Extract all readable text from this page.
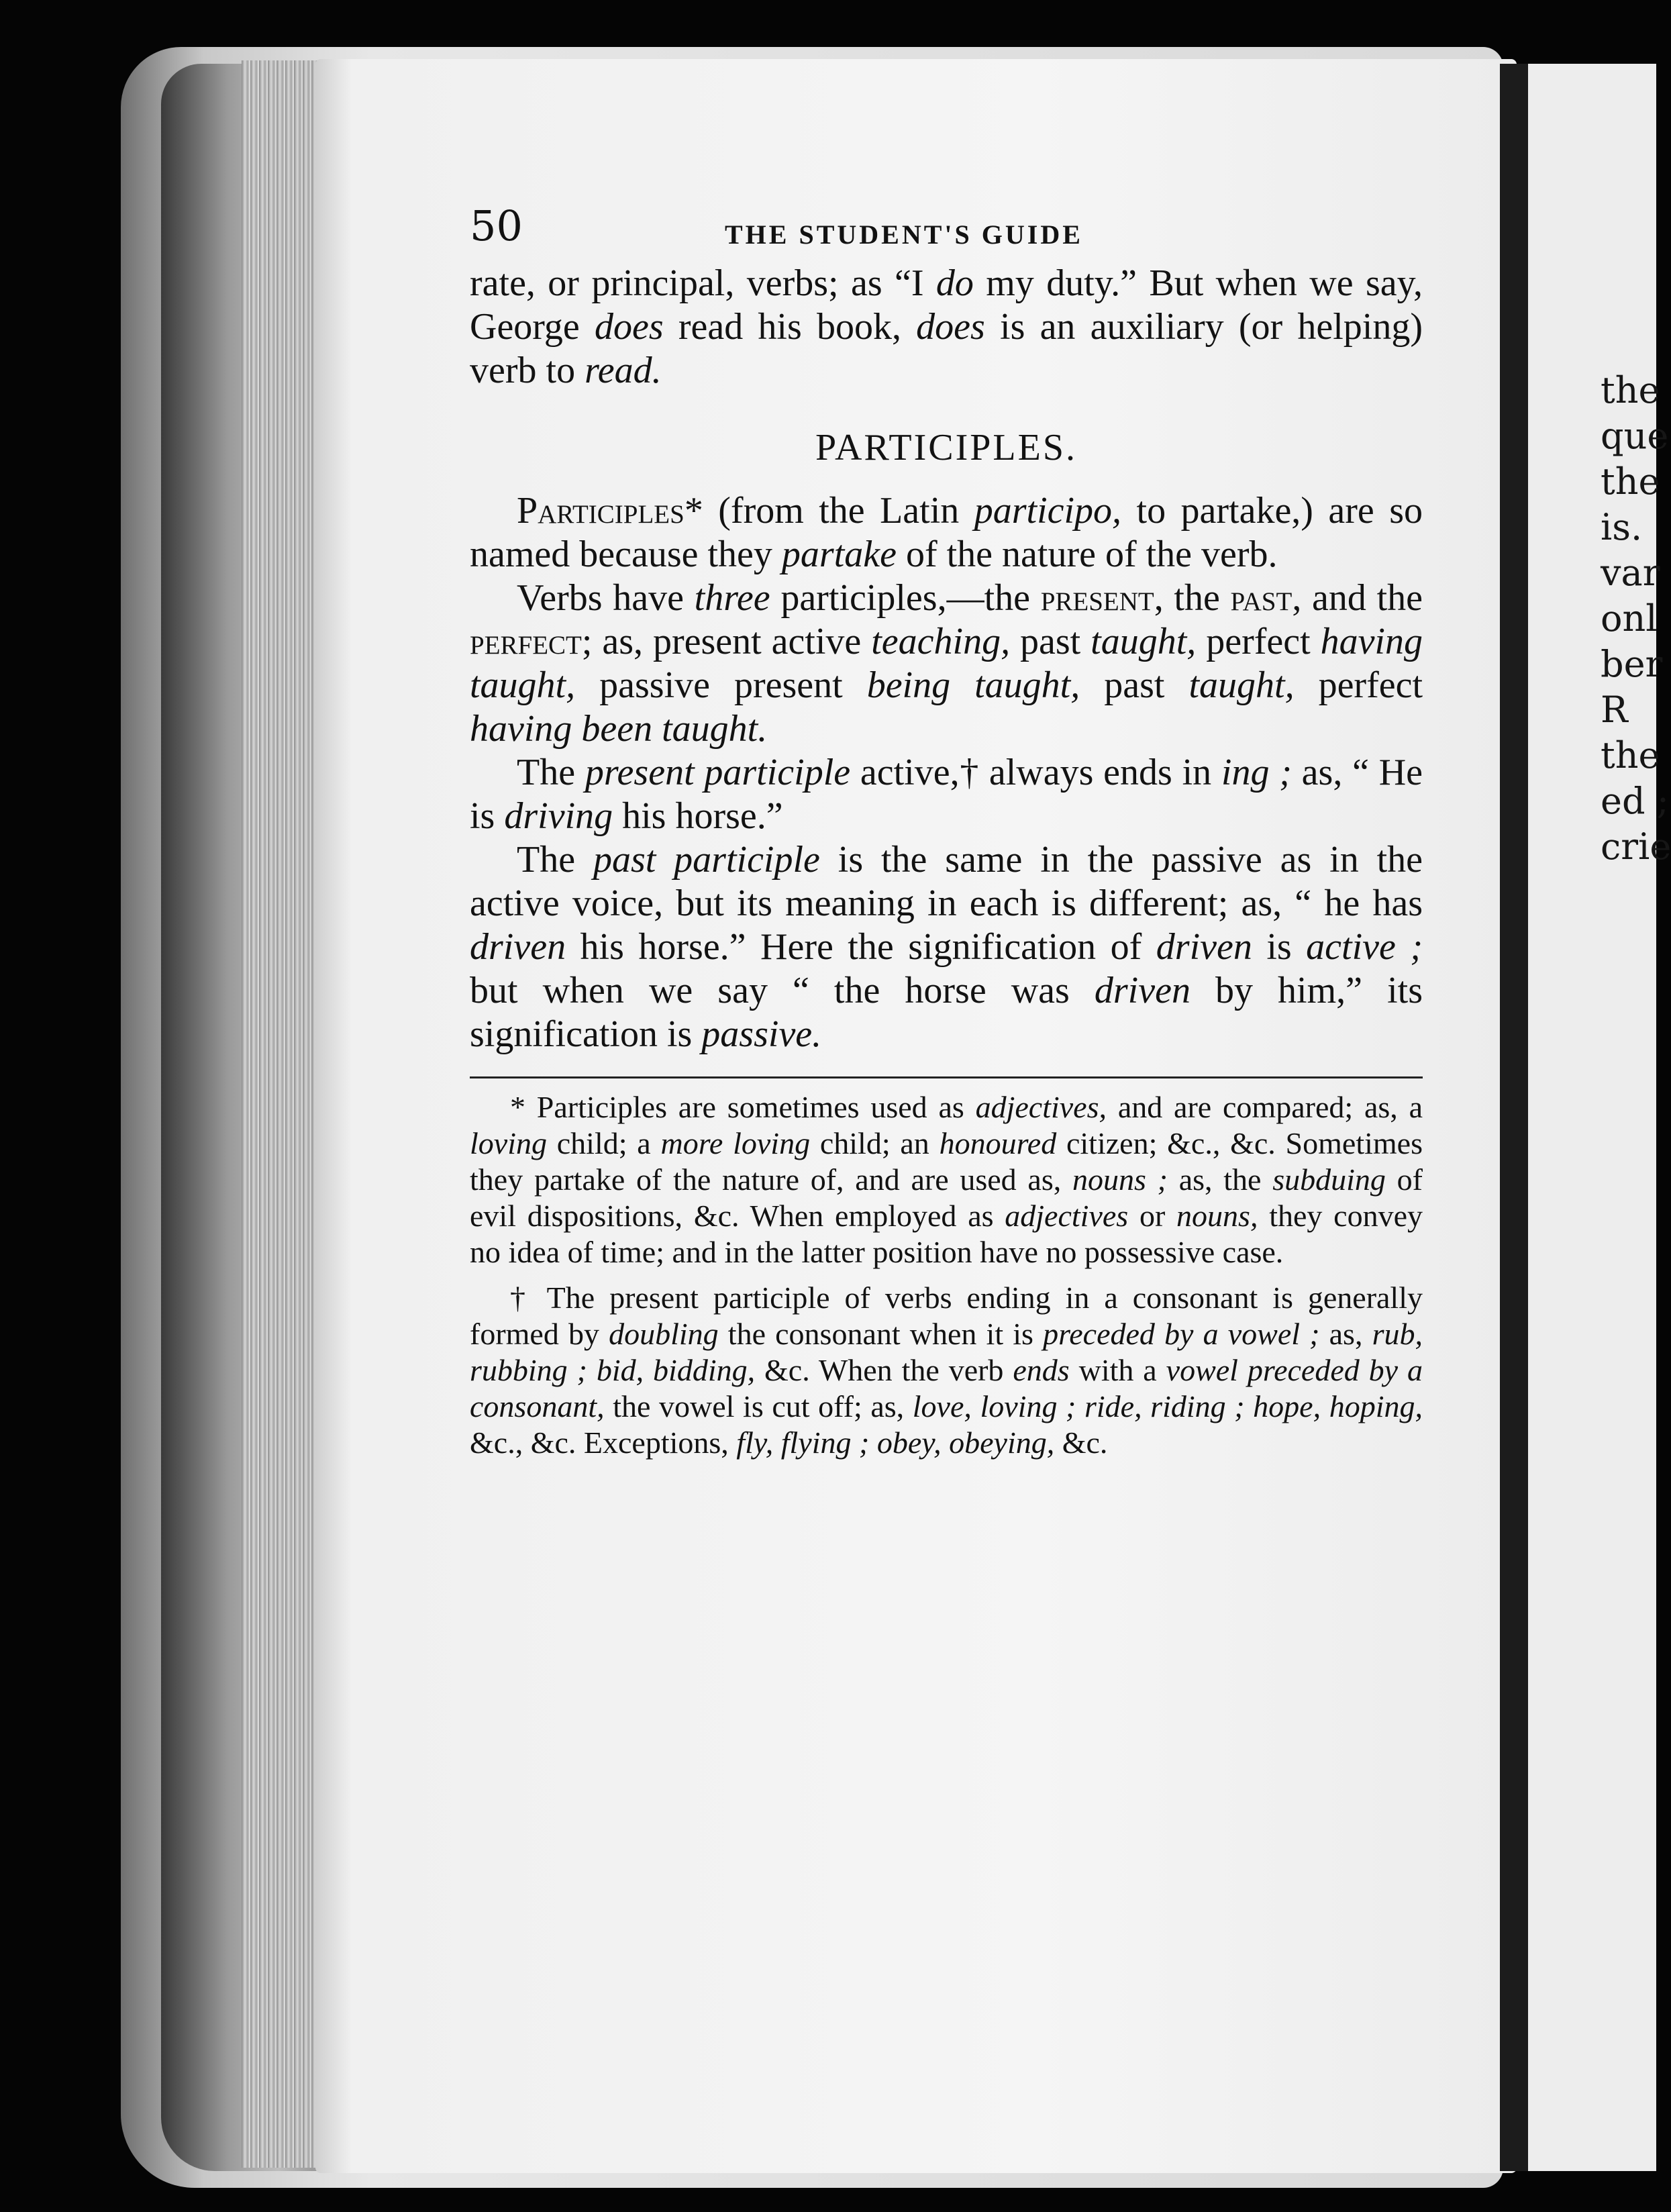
the
que
the
is.
var
onl
ber
R
the
ed ;
crie
50	THE STUDENT'S GUIDE

rate, or principal, verbs; as “I do my duty.” But when we say, George does read his book, does is an auxiliary (or helping) verb to read.

PARTICIPLES.

Participles* (from the Latin participo, to partake,) are so named because they partake of the nature of the verb.

Verbs have three participles,—the present, the past, and the perfect; as, present active teaching, past taught, perfect having taught, passive present being taught, past taught, perfect having been taught.

The present participle active,† always ends in ing ; as, “ He is driving his horse.”

The past participle is the same in the passive as in the active voice, but its meaning in each is different; as, “ he has driven his horse.” Here the signification of driven is active ; but when we say “ the horse was driven by him,” its signification is passive.

* Participles are sometimes used as adjectives, and are compared; as, a loving child; a more loving child; an honoured citizen; &c., &c. Sometimes they partake of the nature of, and are used as, nouns ; as, the subduing of evil dispositions, &c. When employed as adjectives or nouns, they convey no idea of time; and in the latter position have no possessive case.

† The present participle of verbs ending in a consonant is generally formed by doubling the consonant when it is preceded by a vowel ; as, rub, rubbing ; bid, bidding, &c. When the verb ends with a vowel preceded by a consonant, the vowel is cut off; as, love, loving ; ride, riding ; hope, hoping, &c., &c. Exceptions, fly, flying ; obey, obeying, &c.
